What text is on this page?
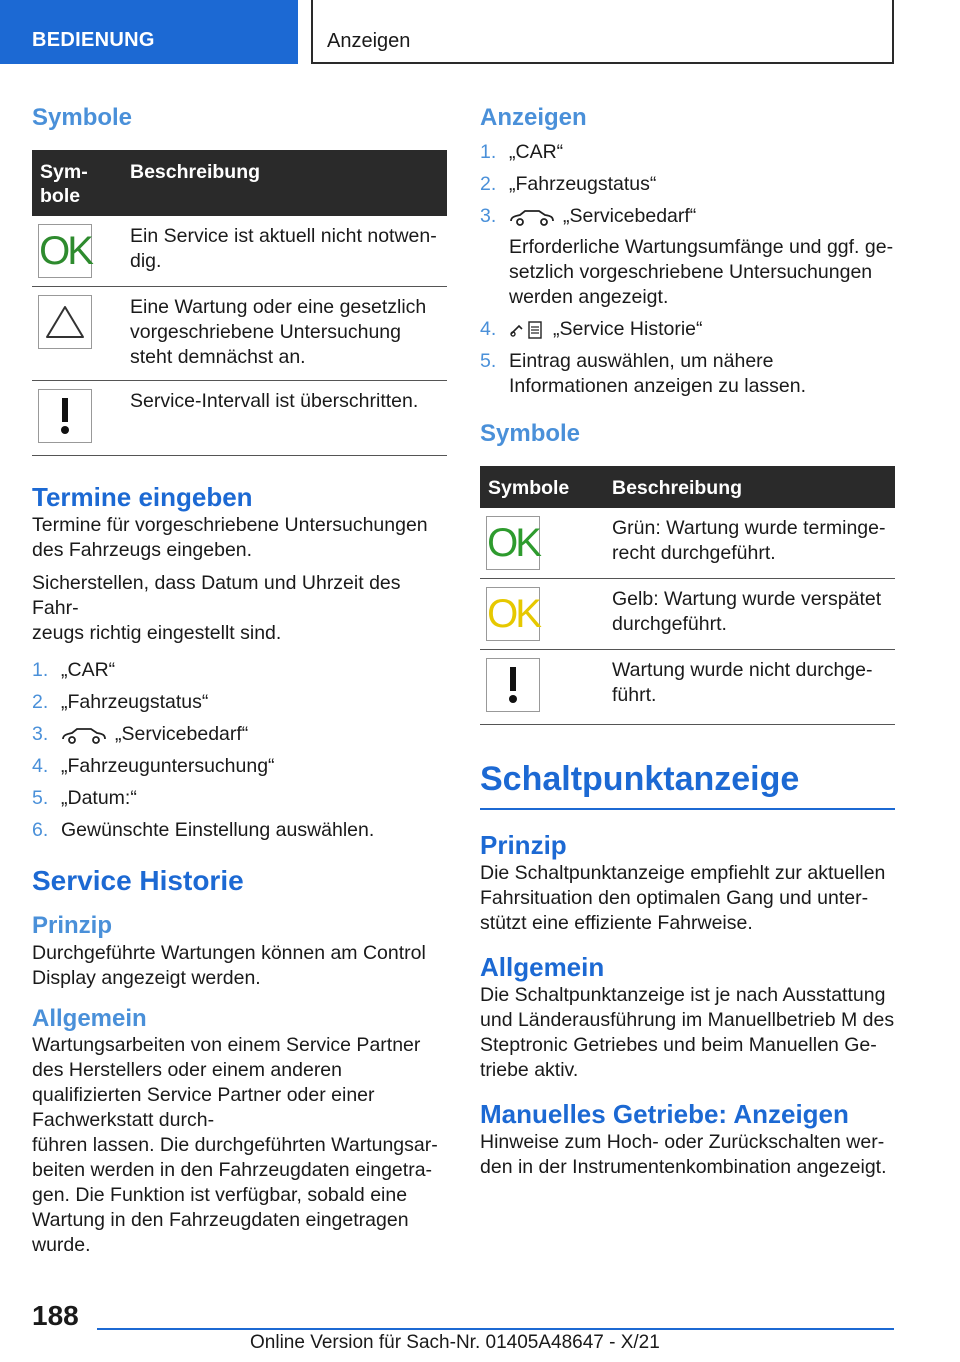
BEDIENUNG	Anzeigen
Symbole
Sym-
bole	Beschreibung

OK	Ein Service ist aktuell nicht notwen-
dig.

	Eine Wartung oder eine gesetzlich vorgeschriebene Untersuchung steht demnächst an.

	Service-Intervall ist überschritten.
Termine eingeben

Termine für vorgeschriebene Untersuchungen des Fahrzeugs eingeben.

Sicherstellen, dass Datum und Uhrzeit des Fahr-
zeugs richtig eingestellt sind.

1. „CAR“
2. „Fahrzeugstatus“
3.	„Servicebedarf“
4. „Fahrzeuguntersuchung“
5. „Datum:“
6. Gewünschte Einstellung auswählen.
Service Historie
Prinzip

Durchgeführte Wartungen können am Control Display angezeigt werden.

Allgemein

Wartungsarbeiten von einem Service Partner des Herstellers oder einem anderen qualifizierten Service Partner oder einer Fachwerkstatt durch-
führen lassen. Die durchgeführten Wartungsar-
beiten werden in den Fahrzeugdaten eingetra-
gen. Die Funktion ist verfügbar, sobald eine Wartung in den Fahrzeugdaten eingetragen wurde.

Anzeigen
1. „CAR“
2. „Fahrzeugstatus“
3.	„Servicebedarf“
Erforderliche Wartungsumfänge und ggf. ge-
setzlich vorgeschriebene Untersuchungen werden angezeigt.
4.	„Service Historie“
5. Eintrag auswählen, um nähere Informationen anzeigen zu lassen.
Symbole
Symbole	Beschreibung

OK	Grün: Wartung wurde terminge-
recht durchgeführt.

OK	Gelb: Wartung wurde verspätet durchgeführt.

	Wartung wurde nicht durchge-
führt.
Schaltpunktanzeige
Prinzip

Die Schaltpunktanzeige empfiehlt zur aktuellen Fahrsituation den optimalen Gang und unter-
stützt eine effiziente Fahrweise.

Allgemein

Die Schaltpunktanzeige ist je nach Ausstattung und Länderausführung im Manuellbetrieb M des Steptronic Getriebes und beim Manuellen Ge-
triebe aktiv.

Manuelles Getriebe: Anzeigen

Hinweise zum Hoch- oder Zurückschalten wer-
den in der Instrumentenkombination angezeigt.

188
Online Version für Sach-Nr. 01405A48647 - X/21
